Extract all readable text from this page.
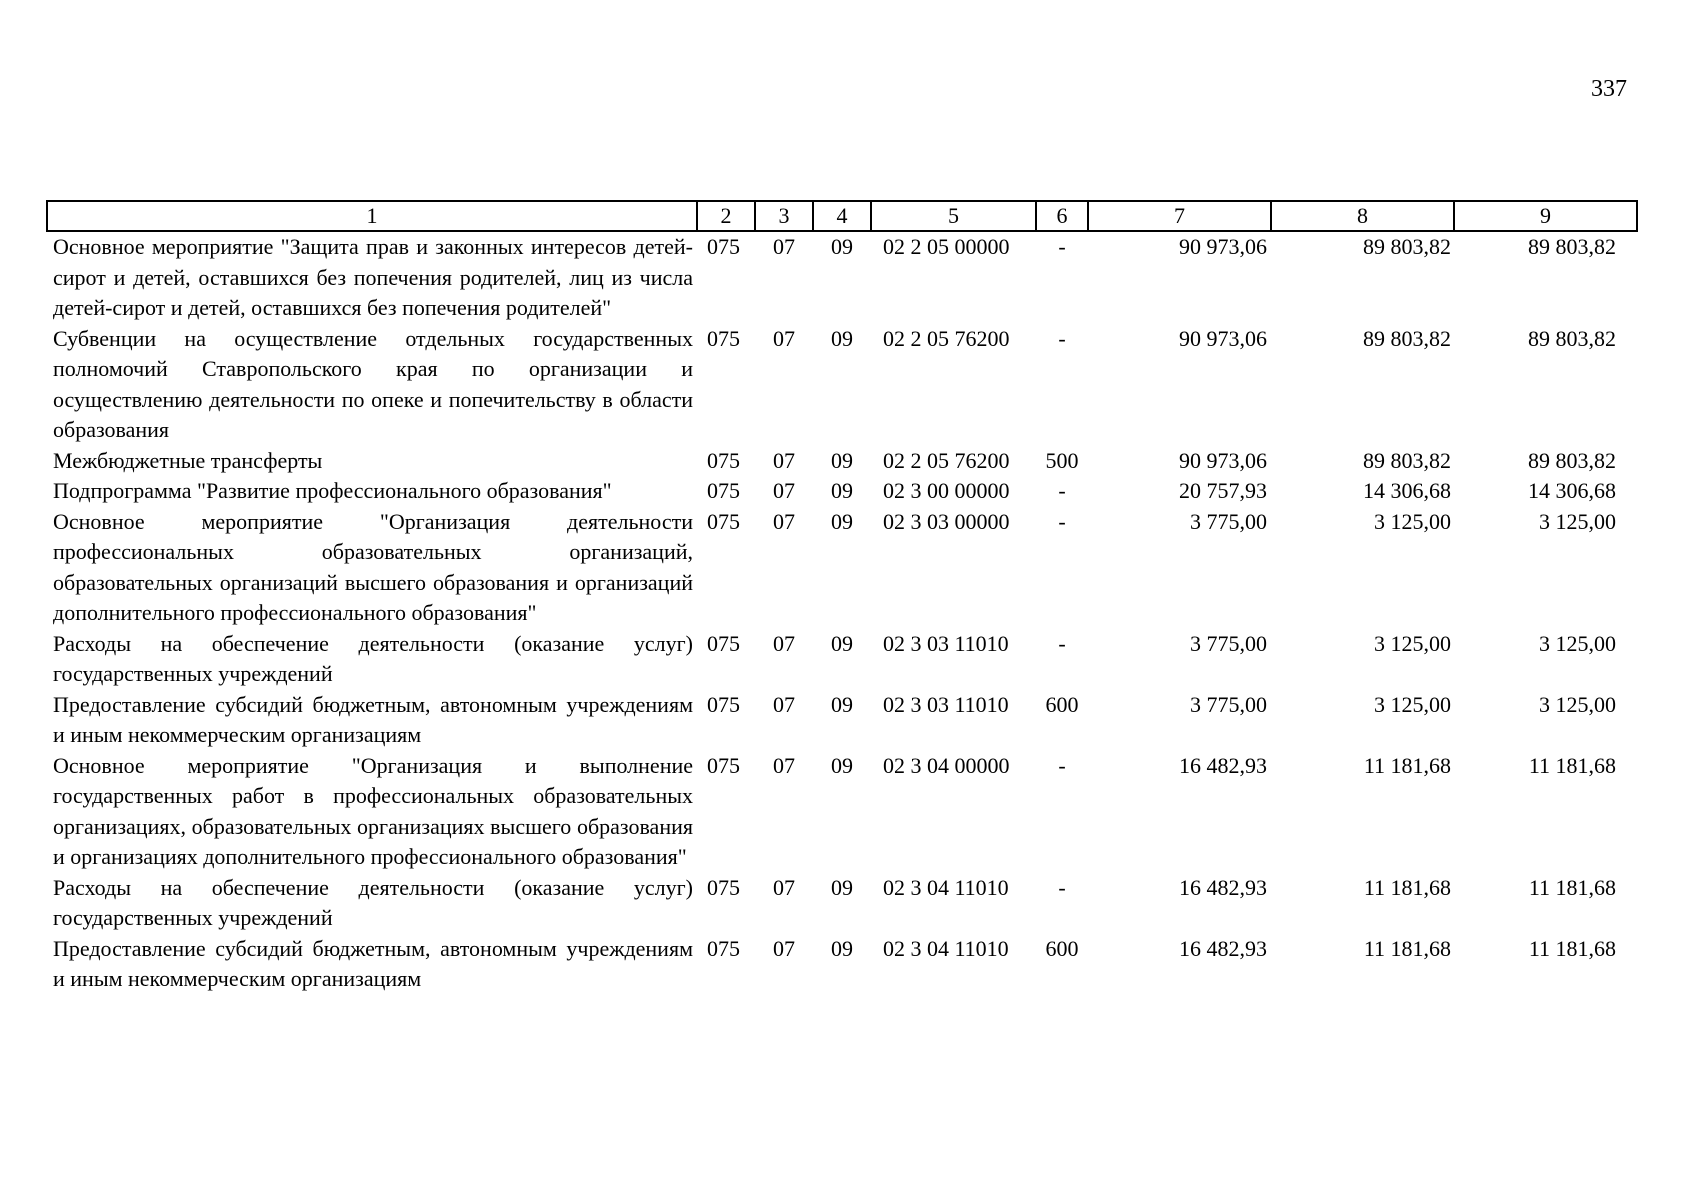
337
1	2	3	4	5	6	7	8	9
Основное мероприятие "Защита прав и законных интересов детей-сирот и детей, оставшихся без попечения родителей, лиц из числа детей-сирот и детей, оставшихся без попечения родителей"	075	07	09	02 2 05 00000	-	90 973,06	89 803,82	89 803,82
Субвенции на осуществление отдельных государственных полномочий Ставропольского края по организации и осуществлению деятельности по опеке и попечительству в области образования	075	07	09	02 2 05 76200	-	90 973,06	89 803,82	89 803,82
Межбюджетные трансферты	075	07	09	02 2 05 76200	500	90 973,06	89 803,82	89 803,82
Подпрограмма "Развитие профессионального образования"	075	07	09	02 3 00 00000	-	20 757,93	14 306,68	14 306,68
Основное мероприятие "Организация деятельности профессиональных образовательных организаций, образовательных организаций высшего образования и организаций дополнительного профессионального образования"	075	07	09	02 3 03 00000	-	3 775,00	3 125,00	3 125,00
Расходы на обеспечение деятельности (оказание услуг) государственных учреждений	075	07	09	02 3 03 11010	-	3 775,00	3 125,00	3 125,00
Предоставление субсидий бюджетным, автономным учреждениям и иным некоммерческим организациям	075	07	09	02 3 03 11010	600	3 775,00	3 125,00	3 125,00
Основное мероприятие "Организация и выполнение государственных работ в профессиональных образовательных организациях, образовательных организациях высшего образования и организациях дополнительного профессионального образования"	075	07	09	02 3 04 00000	-	16 482,93	11 181,68	11 181,68
Расходы на обеспечение деятельности (оказание услуг) государственных учреждений	075	07	09	02 3 04 11010	-	16 482,93	11 181,68	11 181,68
Предоставление субсидий бюджетным, автономным учреждениям и иным некоммерческим организациям	075	07	09	02 3 04 11010	600	16 482,93	11 181,68	11 181,68
